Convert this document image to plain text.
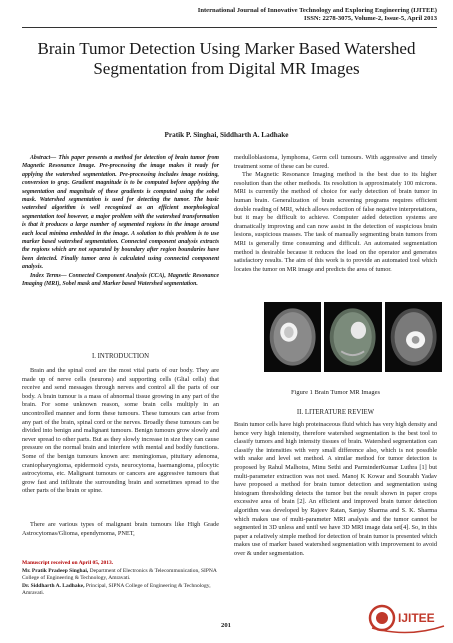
International Journal of Innovative Technology and Exploring Engineering (IJITEE)
ISSN: 2278-3075, Volume-2, Issue-5, April 2013
Brain Tumor Detection Using Marker Based Watershed Segmentation from Digital MR Images
Pratik P. Singhai, Siddharth A. Ladhake

Abstract— This paper presents a method for detection of brain tumor from Magnetic Resonance Image. Pre-processing the image makes it ready for applying the watershed segmentation. Pre-processing includes image resizing, conversion to gray. Gradient magnitude is to be computed before applying the segmentation and magnitude of these gradients is computed using the sobel mask. Watershed segmentation is used for detecting the tumor. The basic watershed algorithm is well recognized as an efficient morphological segmentation tool however, a major problem with the watershed transformation is that it produces a large number of segmented regions in the image around each local minima embedded in the image. A solution to this problem is to use marker based watershed segmentation. Connected component analysis extracts the regions which are not separated by boundary after region boundaries have been detected. Finally tumor area is calculated using connected component analysis.

Index Terms— Connected Component Analysis (CCA), Magnetic Resonance Imaging (MRI), Sobel mask and Marker based Watershed segmentation.

I. INTRODUCTION

Brain and the spinal cord are the most vital parts of our body. They are made up of nerve cells (neurons) and supporting cells (Glial cells) that receive and send messages through nerves and control all the parts of our body. A brain tumour is a mass of abnormal tissue growing in any part of the brain. For some unknown reason, some brain cells multiply in an uncontrolled manner and form these tumours. These tumours can arise from any part of the brain, spinal cord or the nerves. Broadly these tumours can be divided into benign and malignant tumours. Benign tumours grow slowly and never spread to other parts. But as they slowly increase in size they can cause pressure on the normal brain and interfere with mental and bodily functions. Some of the benign tumours known are: meningiomas, pituitary adenoma, craniopharyngioma, epidermoid cysts, neurocytoma, haemangioma, pilocytic astrocytoma, etc. Malignant tumours or cancers are aggressive tumours that grow fast and infiltrate the surrounding brain and sometimes spread to the other parts of the brain or spine.

There are various types of malignant brain tumours like High Grade Astrocytomas/Glioma, ependymoma, PNET,

Manuscript received on April 05, 2013.
Mr. Pratik Pradeep Singhai, Department of Electronics & Telecommunication, SIPNA College of Engineering & Technology, Amravati.
Dr. Siddharth A. Ladhake, Principal, SIPNA College of Engineering & Technology, Amravati.

medulloblastoma, lymphoma, Germ cell tumours. With aggressive and timely treatment some of these can be cured.

The Magnetic Resonance Imaging method is the best due to its higher resolution than the other methods. Its resolution is approximately 100 microns. MRI is currently the method of choice for early detection of brain tumor in human brain. Generalization of brain screening programs requires efficient double reading of MRI, which allows reduction of false negative interpretations, but it may be difficult to achieve. Computer aided detection systems are dramatically improving and can now assist in the detection of suspicious brain lesions, suspicious masses. The task of manually segmenting brain tumors from MRI is generally time consuming and difficult. An automated segmentation method is desirable because it reduces the load on the operator and generates satisfactory results. The aim of this work is to provide an automated tool which locates the tumor on MR image and predicts the area of tumor.

Figure 1 Brain Tumor MR Images
II. LITERATURE REVIEW

Brain tumor cells have high proteinaceous fluid which has very high density and hence very high intensity, therefore watershed segmentation is the best tool to classify tumors and high intensity tissues of brain. Watershed segmentation can classify the intensities with very small difference also, which is not possible with snake and level set method. A similar method for tumor detection is proposed by Rahul Malhotra, Minu Sethi and ParminderKumar Luthra [1] but multi-parameter extraction was not used. Manoj K Kowar and Sourabh Yadav have proposed a method for brain tumor detection and segmentation using histogram thresholding detects the tumor but the result shown in paper crops excessive area of brain [2]. An efficient and improved brain tumor detection algorithm was developed by Rajeev Ratan, Sanjay Sharma and S. K. Sharma which makes use of multi-parameter MRI analysis and the tumor cannot be segmented in 3D unless and until we have 3D MRI image data set[4]. So, in this paper a relatively simple method for detection of brain tumor is presented which makes use of marker based watershed segmentation with improvement to avoid over & under segmentation.

201
IJITEE
